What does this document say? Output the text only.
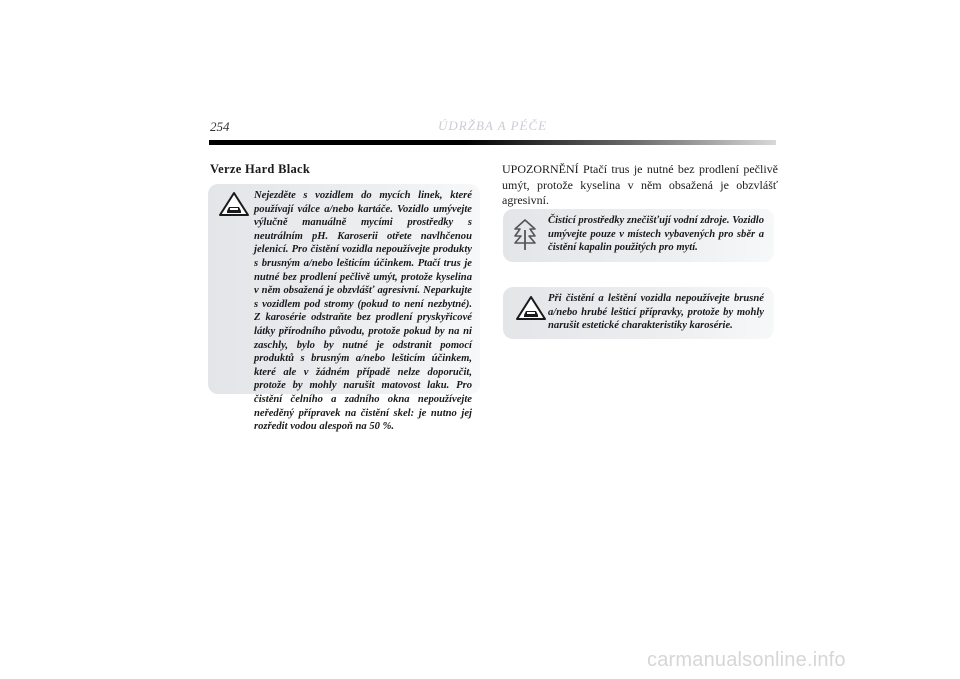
254	ÚDRŽBA A PÉČE
Verze Hard Black
Nejezděte s vozidlem do mycích linek, které používají válce a/nebo kartáče. Vozidlo umývejte výlučně manuálně mycími prostředky s neutrálním pH. Karoserii otřete navlhčenou jelenicí. Pro čistění vozidla nepoužívejte produkty s brusným a/nebo lešticím účinkem. Ptačí trus je nutné bez prodlení pečlivě umýt, protože kyselina v něm obsažená je obzvlášť agresivní. Neparkujte s vozidlem pod stromy (pokud to není nezbytné). Z karosérie odstraňte bez prodlení pryskyřicové látky přírodního původu, protože pokud by na ni zaschly, bylo by nutné je odstranit pomocí produktů s brusným a/nebo lešticím účinkem, které ale v žádném případě nelze doporučit, protože by mohly narušit matovost laku. Pro čistění čelního a zadního okna nepoužívejte neředěný přípravek na čistění skel: je nutno jej rozředit vodou alespoň na 50 %.
UPOZORNĚNÍ Ptačí trus je nutné bez prodlení pečlivě umýt, protože kyselina v něm obsažená je obzvlášť agresivní.
Čisticí prostředky znečišťují vodní zdroje. Vozidlo umývejte pouze v místech vybavených pro sběr a čistění kapalin použitých pro mytí.
Při čistění a leštění vozidla nepoužívejte brusné a/nebo hrubé lešticí přípravky, protože by mohly narušit estetické charakteristiky karosérie.
carmanualsonline.info
